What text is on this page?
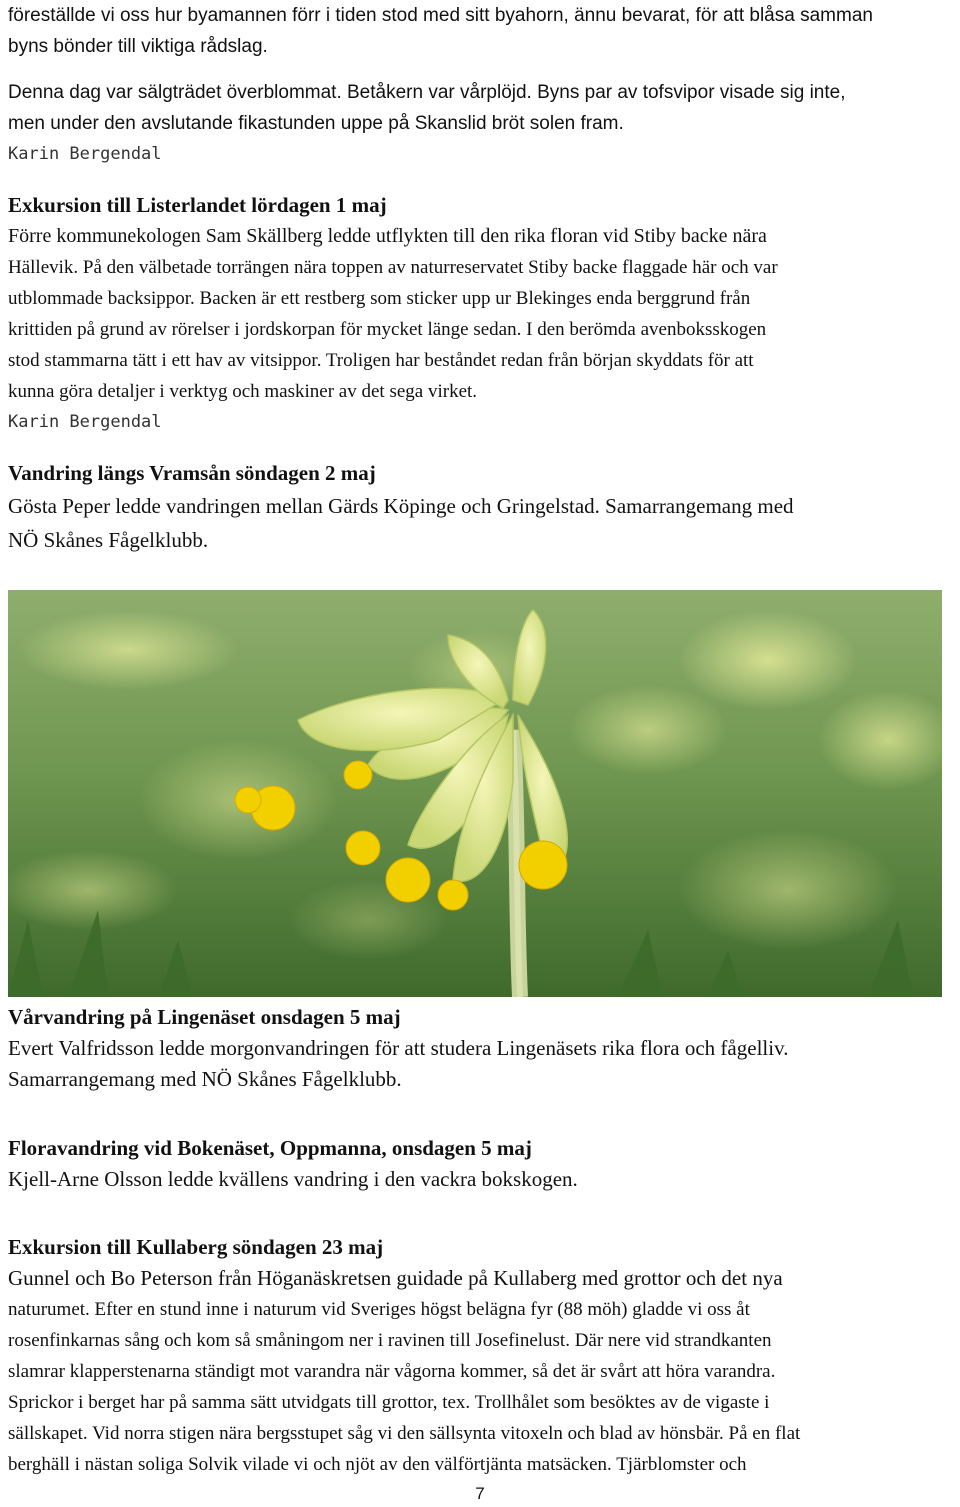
föreställde vi oss hur byamannen förr i tiden stod med sitt byahorn, ännu bevarat, för att blåsa samman

byns bönder till viktiga rådslag.

Denna dag var sälgträdet överblommat. Betåkern var vårplöjd. Byns par av tofsvipor visade sig inte,

men under den avslutande fikastunden uppe på Skanslid bröt solen fram.

Karin Bergendal

Exkursion till Listerlandet lördagen 1 maj

Förre kommunekologen Sam Skällberg ledde utflykten till den rika floran vid Stiby backe nära

Hällevik. På den välbetade torrängen nära toppen av naturreservatet Stiby backe flaggade här och var

utblommade backsippor. Backen är ett restberg som sticker upp ur Blekinges enda berggrund från

krittiden på grund av rörelser i jordskorpan för mycket länge sedan. I den berömda avenboksskogen

stod stammarna tätt i ett hav av vitsippor. Troligen har beståndet redan från början skyddats för att

kunna göra detaljer i verktyg och maskiner av det sega virket.

Karin Bergendal

Vandring längs Vramsån söndagen 2 maj

Gösta Peper ledde vandringen mellan Gärds Köpinge och Gringelstad. Samarrangemang med

NÖ Skånes Fågelklubb.

Vårvandring på Lingenäset onsdagen 5 maj

Evert Valfridsson ledde morgonvandringen för att studera Lingenäsets rika flora och fågelliv.

Samarrangemang med NÖ Skånes Fågelklubb.

Floravandring vid Bokenäset, Oppmanna, onsdagen 5 maj

Kjell-Arne Olsson ledde kvällens vandring i den vackra bokskogen.

Exkursion till Kullaberg söndagen 23 maj

Gunnel och Bo Peterson från Höganäskretsen guidade på Kullaberg med grottor och det nya

naturumet. Efter en stund inne i naturum vid Sveriges högst belägna fyr (88 möh) gladde vi oss åt

rosenfinkarnas sång och kom så småningom ner i ravinen till Josefinelust. Där nere vid strandkanten

slamrar klapperstenarna ständigt mot varandra när vågorna kommer, så det är svårt att höra varandra.

Sprickor i berget har på samma sätt utvidgats till grottor, tex. Trollhålet som besöktes av de vigaste i

sällskapet. Vid norra stigen nära bergsstupet såg vi den sällsynta vitoxeln och blad av hönsbär. På en flat

berghäll i nästan soliga Solvik vilade vi och njöt av den välförtjänta matsäcken. Tjärblomster och

7
